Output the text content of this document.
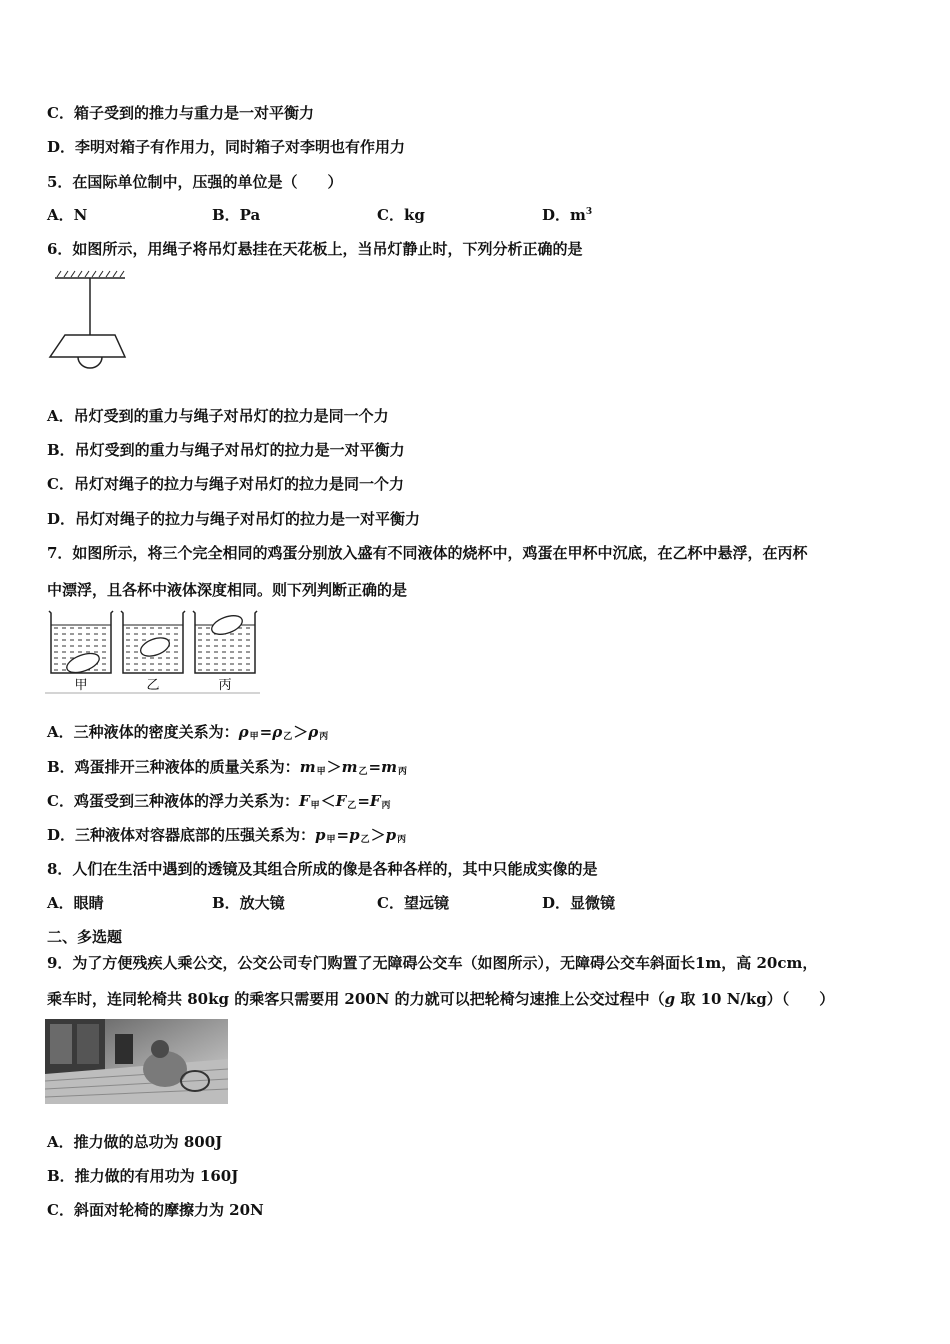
C．箱子受到的推力与重力是一对平衡力
D．李明对箱子有作用力，同时箱子对李明也有作用力
5．在国际单位制中，压强的单位是（　　）
A．N	B．Pa	C．kg	D．$m^3$
6．如图所示，用绳子将吊灯悬挂在天花板上，当吊灯静止时，下列分析正确的是
A．吊灯受到的重力与绳子对吊灯的拉力是同一个力
B．吊灯受到的重力与绳子对吊灯的拉力是一对平衡力
C．吊灯对绳子的拉力与绳子对吊灯的拉力是同一个力
D．吊灯对绳子的拉力与绳子对吊灯的拉力是一对平衡力
7．如图所示，将三个完全相同的鸡蛋分别放入盛有不同液体的烧杯中，鸡蛋在甲杯中沉底，在乙杯中悬浮，在丙杯
中漂浮，且各杯中液体深度相同。则下列判断正确的是
甲	乙	丙
A．三种液体的密度关系为：$\rho_甲=\rho_乙>\rho_丙$
B．鸡蛋排开三种液体的质量关系为：$m_甲>m_乙=m_丙$
C．鸡蛋受到三种液体的浮力关系为：$F_甲<F_乙=F_丙$
D．三种液体对容器底部的压强关系为：$p_甲=p_乙>p_丙$
8．人们在生活中遇到的透镜及其组合所成的像是各种各样的，其中只能成实像的是
A．眼睛	B．放大镜	C．望远镜	D．显微镜
二、多选题
9．为了方便残疾人乘公交，公交公司专门购置了无障碍公交车（如图所示），无障碍公交车斜面长1m，高 20cm，
乘车时，连同轮椅共 80kg 的乘客只需要用 200N 的力就可以把轮椅匀速推上公交过程中（g 取 10 N/kg）（　　）
A．推力做的总功为 800J
B．推力做的有用功为 160J
C．斜面对轮椅的摩擦力为 20N
